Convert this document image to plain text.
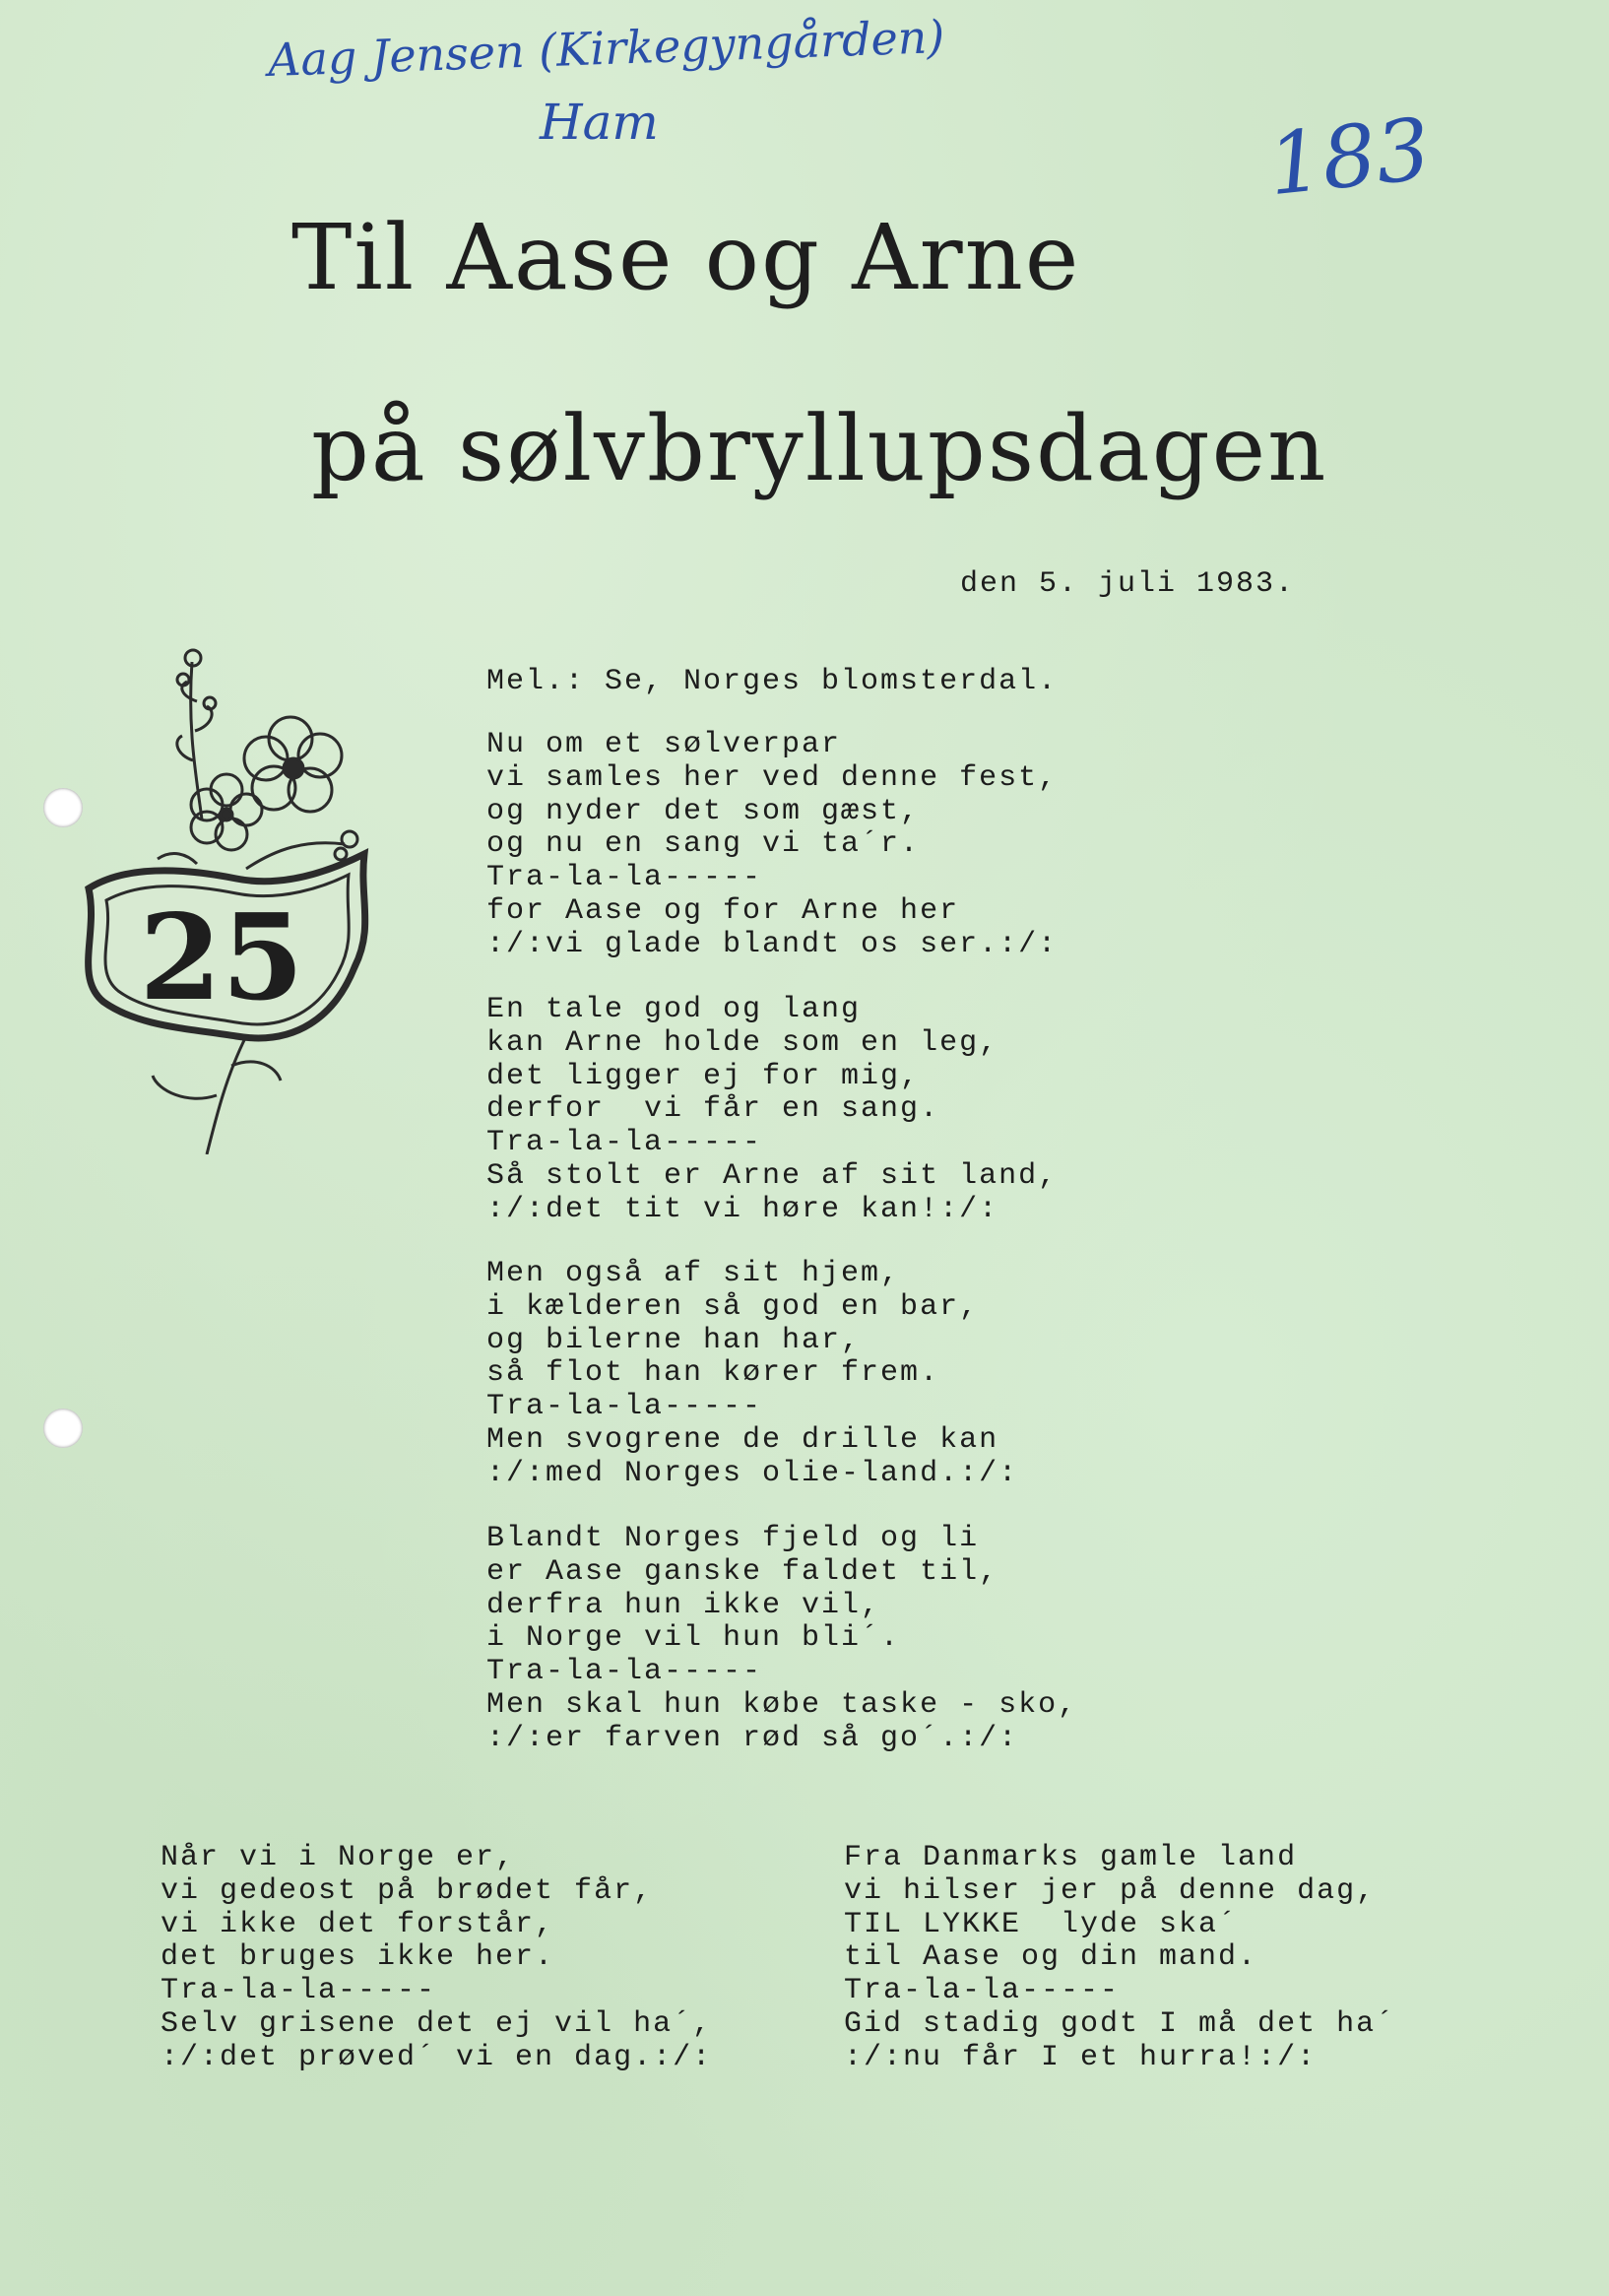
Aag Jensen (Kirkegyngården)
Ham	183
Til Aase og Arne
på sølvbryllupsdagen
den 5. juli 1983.
25
Mel.: Se, Norges blomsterdal.
Nu om et sølverpar
vi samles her ved denne fest,
og nyder det som gæst,
og nu en sang vi ta´r.
Tra-la-la-----
for Aase og for Arne her
:/:vi glade blandt os ser.:/:
En tale god og lang
kan Arne holde som en leg,
det ligger ej for mig,
derfor  vi får en sang.
Tra-la-la-----
Så stolt er Arne af sit land,
:/:det tit vi høre kan!:/:
Men også af sit hjem,
i kælderen så god en bar,
og bilerne han har,
så flot han kører frem.
Tra-la-la-----
Men svogrene de drille kan
:/:med Norges olie-land.:/:
Blandt Norges fjeld og li
er Aase ganske faldet til,
derfra hun ikke vil,
i Norge vil hun bli´.
Tra-la-la-----
Men skal hun købe taske - sko,
:/:er farven rød så go´.:/:
Når vi i Norge er,
vi gedeost på brødet får,
vi ikke det forstår,
det bruges ikke her.
Tra-la-la-----
Selv grisene det ej vil ha´,
:/:det prøved´ vi en dag.:/:
Fra Danmarks gamle land
vi hilser jer på denne dag,
TIL LYKKE  lyde ska´
til Aase og din mand.
Tra-la-la-----
Gid stadig godt I må det ha´
:/:nu får I et hurra!:/:
